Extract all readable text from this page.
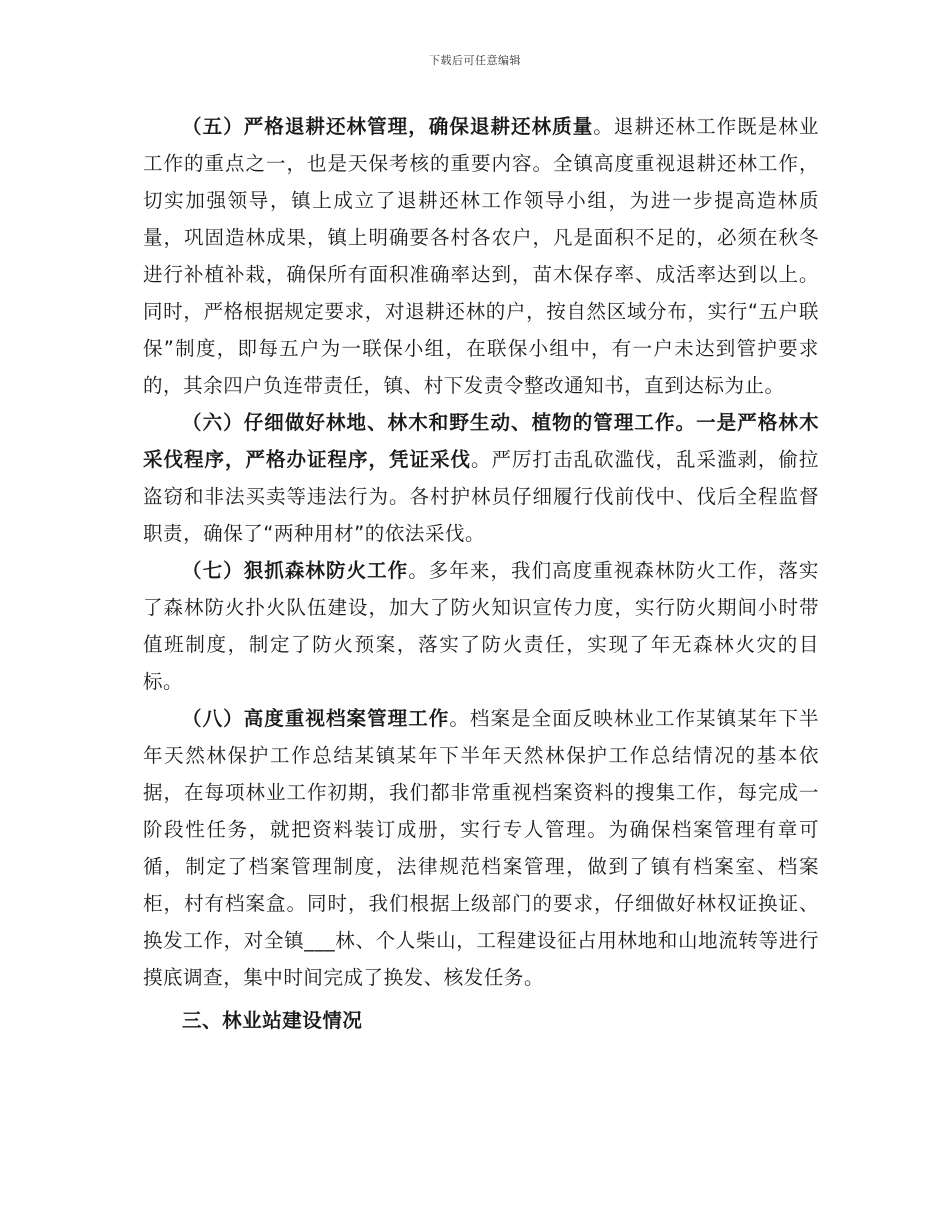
下载后可任意编辑

（五）严格退耕还林管理，确保退耕还林质量。退耕还林工作既是林业工作的重点之一，也是天保考核的重要内容。全镇高度重视退耕还林工作，切实加强领导，镇上成立了退耕还林工作领导小组，为进一步提高造林质量，巩固造林成果，镇上明确要各村各农户，凡是面积不足的，必须在秋冬进行补植补栽，确保所有面积准确率达到，苗木保存率、成活率达到以上。同时，严格根据规定要求，对退耕还林的户，按自然区域分布，实行“五户联保”制度，即每五户为一联保小组，在联保小组中，有一户未达到管护要求的，其余四户负连带责任，镇、村下发责令整改通知书，直到达标为止。

（六）仔细做好林地、林木和野生动、植物的管理工作。一是严格林木采伐程序，严格办证程序，凭证采伐。严厉打击乱砍滥伐，乱采滥剥，偷拉盗窃和非法买卖等违法行为。各村护林员仔细履行伐前伐中、伐后全程监督职责，确保了“两种用材”的依法采伐。

（七）狠抓森林防火工作。多年来，我们高度重视森林防火工作，落实了森林防火扑火队伍建设，加大了防火知识宣传力度，实行防火期间小时带值班制度，制定了防火预案，落实了防火责任，实现了年无森林火灾的目标。

（八）高度重视档案管理工作。档案是全面反映林业工作某镇某年下半年天然林保护工作总结某镇某年下半年天然林保护工作总结情况的基本依据，在每项林业工作初期，我们都非常重视档案资料的搜集工作，每完成一阶段性任务，就把资料装订成册，实行专人管理。为确保档案管理有章可循，制定了档案管理制度，法律规范档案管理，做到了镇有档案室、档案柜，村有档案盒。同时，我们根据上级部门的要求，仔细做好林权证换证、换发工作，对全镇___林、个人柴山，工程建设征占用林地和山地流转等进行摸底调查，集中时间完成了换发、核发任务。

三、林业站建设情况
